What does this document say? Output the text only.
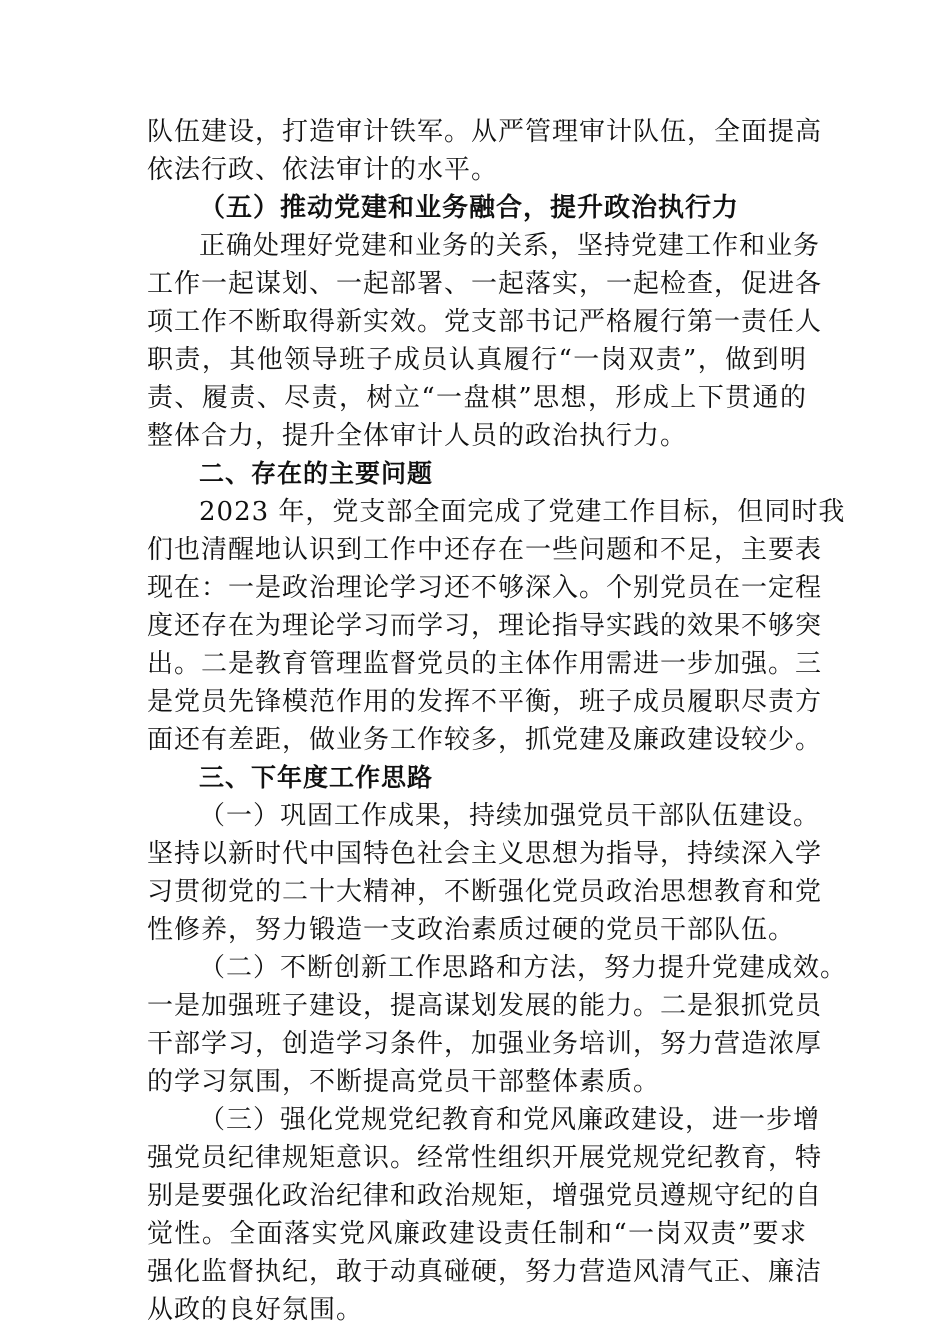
队伍建设，打造审计铁军。从严管理审计队伍，全面提高
依法行政、依法审计的水平。
（五）推动党建和业务融合，提升政治执行力
正确处理好党建和业务的关系，坚持党建工作和业务
工作一起谋划、一起部署、一起落实，一起检查，促进各
项工作不断取得新实效。党支部书记严格履行第一责任人
职责，其他领导班子成员认真履行“一岗双责”，做到明
责、履责、尽责，树立“一盘棋”思想，形成上下贯通的
整体合力，提升全体审计人员的政治执行力。
二、存在的主要问题
2023 年，党支部全面完成了党建工作目标，但同时我
们也清醒地认识到工作中还存在一些问题和不足，主要表
现在：一是政治理论学习还不够深入。个别党员在一定程
度还存在为理论学习而学习，理论指导实践的效果不够突
出。二是教育管理监督党员的主体作用需进一步加强。三
是党员先锋模范作用的发挥不平衡，班子成员履职尽责方
面还有差距，做业务工作较多，抓党建及廉政建设较少。
三、下年度工作思路
（一）巩固工作成果，持续加强党员干部队伍建设。
坚持以新时代中国特色社会主义思想为指导，持续深入学
习贯彻党的二十大精神，不断强化党员政治思想教育和党
性修养，努力锻造一支政治素质过硬的党员干部队伍。
（二）不断创新工作思路和方法，努力提升党建成效。
一是加强班子建设，提高谋划发展的能力。二是狠抓党员
干部学习，创造学习条件，加强业务培训，努力营造浓厚
的学习氛围，不断提高党员干部整体素质。
（三）强化党规党纪教育和党风廉政建设，进一步增
强党员纪律规矩意识。经常性组织开展党规党纪教育，特
别是要强化政治纪律和政治规矩，增强党员遵规守纪的自
觉性。全面落实党风廉政建设责任制和“一岗双责”要求
强化监督执纪，敢于动真碰硬，努力营造风清气正、廉洁
从政的良好氛围。
